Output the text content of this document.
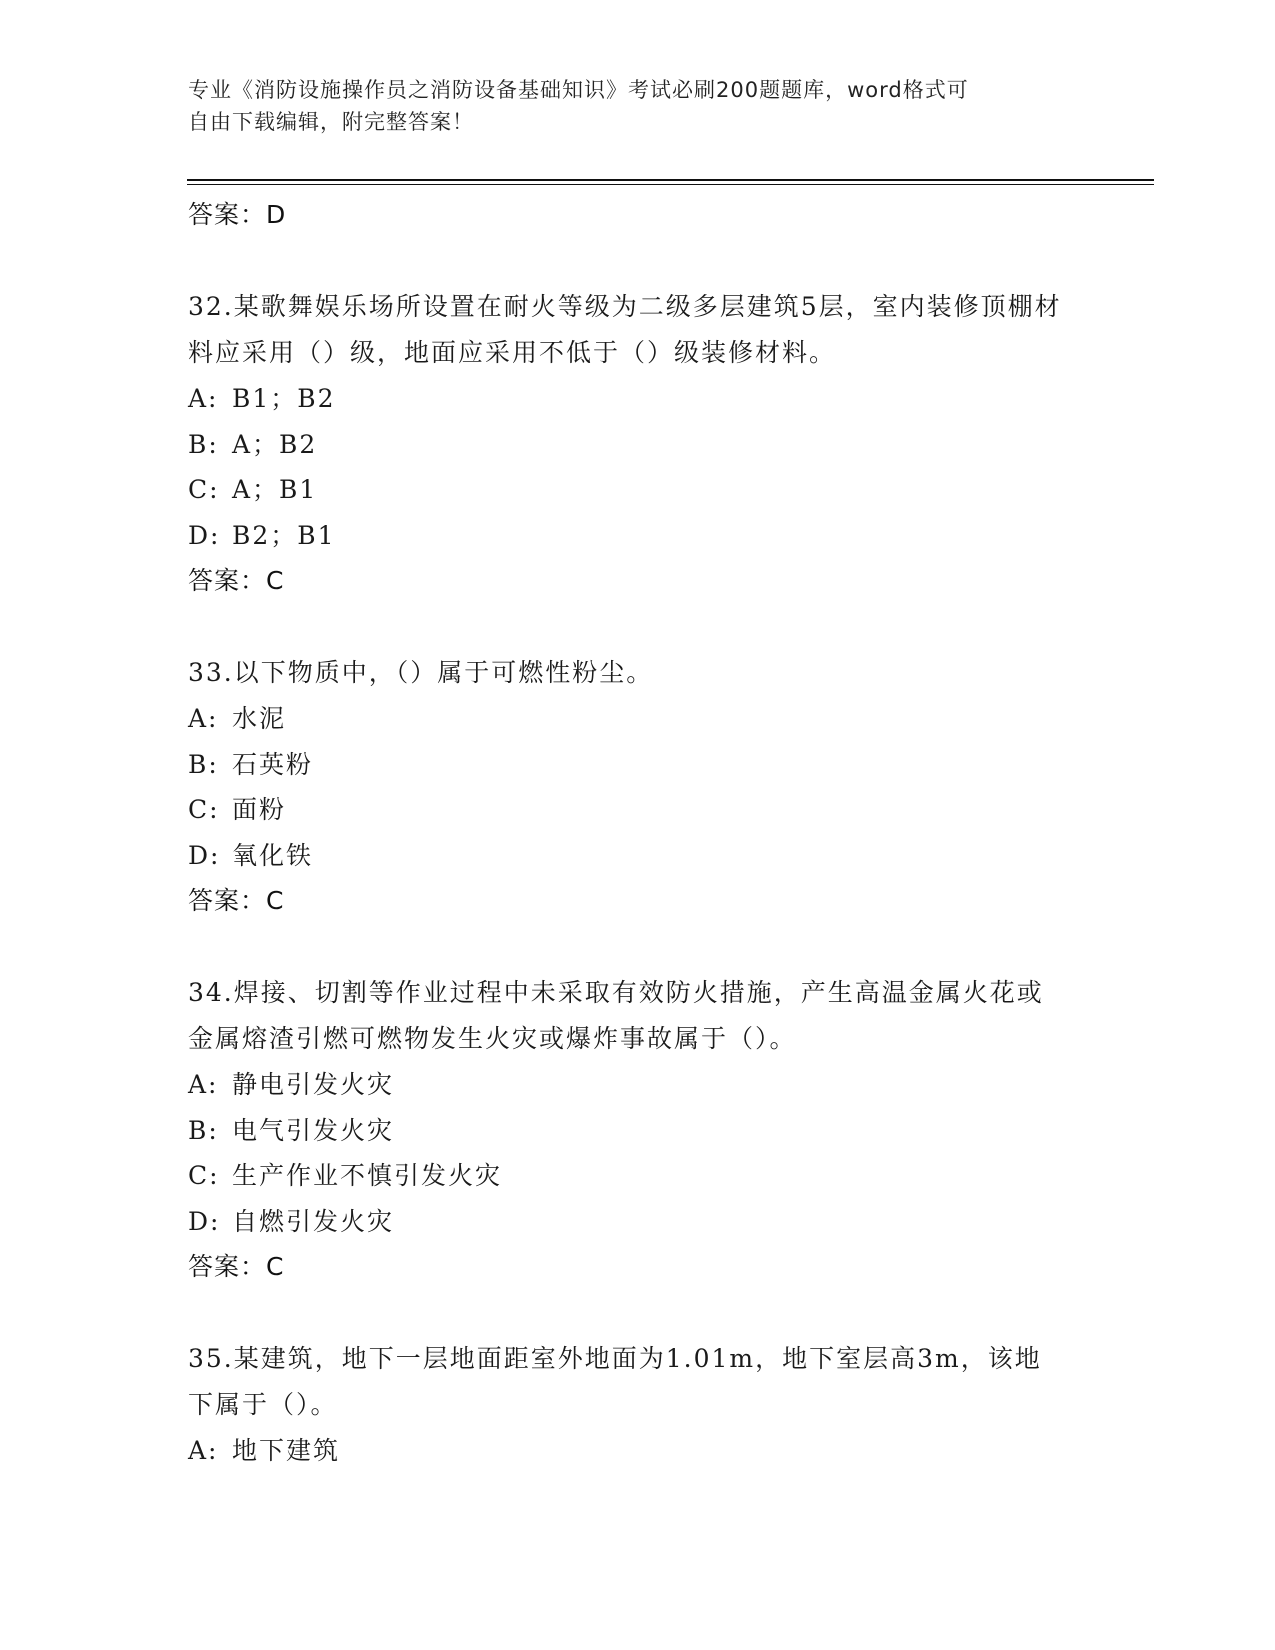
专业《消防设施操作员之消防设备基础知识》考试必刷200题题库，word格式可
自由下载编辑，附完整答案！
答案：D
32.某歌舞娱乐场所设置在耐火等级为二级多层建筑5层，室内装修顶棚材料应采用（）级，地面应采用不低于（）级装修材料。
A: B1；B2
B: A；B2
C: A；B1
D: B2；B1
答案：C
33.以下物质中，（）属于可燃性粉尘。
A: 水泥
B: 石英粉
C: 面粉
D: 氧化铁
答案：C
34.焊接、切割等作业过程中未采取有效防火措施，产生高温金属火花或金属熔渣引燃可燃物发生火灾或爆炸事故属于（）。
A: 静电引发火灾
B: 电气引发火灾
C: 生产作业不慎引发火灾
D: 自燃引发火灾
答案：C
35.某建筑，地下一层地面距室外地面为1.01m，地下室层高3m，该地下属于（）。
A: 地下建筑
